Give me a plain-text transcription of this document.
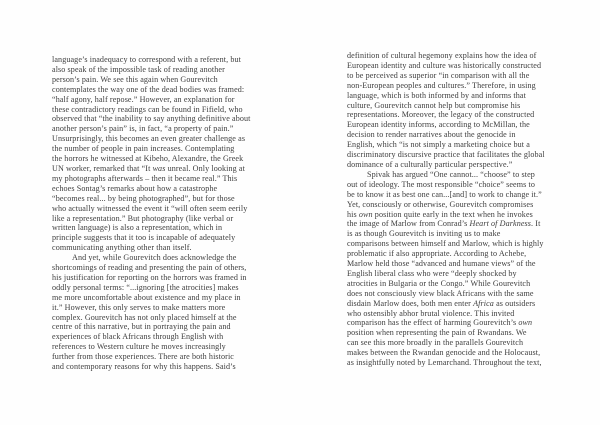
language’s inadequacy to correspond with a referent, but
also speak of the impossible task of reading another
person’s pain. We see this again when Gourevitch
contemplates the way one of the dead bodies was framed:
“half agony, half repose.” However, an explanation for
these contradictory readings can be found in Fifield, who
observed that “the inability to say anything definitive about
another person’s pain” is, in fact, “a property of pain.”
Unsurprisingly, this becomes an even greater challenge as
the number of people in pain increases. Contemplating
the horrors he witnessed at Kibeho, Alexandre, the Greek
UN worker, remarked that “It was unreal. Only looking at
my photographs afterwards – then it became real.” This
echoes Sontag’s remarks about how a catastrophe
“becomes real... by being photographed”, but for those
who actually witnessed the event it “will often seem eerily
like a representation.” But photography (like verbal or
written language) is also a representation, which in
principle suggests that it too is incapable of adequately
communicating anything other than itself.
And yet, while Gourevitch does acknowledge the
shortcomings of reading and presenting the pain of others,
his justification for reporting on the horrors was framed in
oddly personal terms: “...ignoring [the atrocities] makes
me more uncomfortable about existence and my place in
it.” However, this only serves to make matters more
complex. Gourevitch has not only placed himself at the
centre of this narrative, but in portraying the pain and
experiences of black Africans through English with
references to Western culture he moves increasingly
further from those experiences. There are both historic
and contemporary reasons for why this happens. Said’s
definition of cultural hegemony explains how the idea of
European identity and culture was historically constructed
to be perceived as superior “in comparison with all the
non-European peoples and cultures.” Therefore, in using
language, which is both informed by and informs that
culture, Gourevitch cannot help but compromise his
representations. Moreover, the legacy of the constructed
European identity informs, according to McMillan, the
decision to render narratives about the genocide in
English, which “is not simply a marketing choice but a
discriminatory discursive practice that facilitates the global
dominance of a culturally particular perspective.”
Spivak has argued “One cannot... “choose” to step
out of ideology. The most responsible “choice” seems to
be to know it as best one can...[and] to work to change it.”
Yet, consciously or otherwise, Gourevitch compromises
his own position quite early in the text when he invokes
the image of Marlow from Conrad’s Heart of Darkness. It
is as though Gourevitch is inviting us to make
comparisons between himself and Marlow, which is highly
problematic if also appropriate. According to Achebe,
Marlow held those “advanced and humane views” of the
English liberal class who were “deeply shocked by
atrocities in Bulgaria or the Congo.” While Gourevitch
does not consciously view black Africans with the same
disdain Marlow does, both men enter Africa as outsiders
who ostensibly abhor brutal violence. This invited
comparison has the effect of harming Gourevitch’s own
position when representing the pain of Rwandans. We
can see this more broadly in the parallels Gourevitch
makes between the Rwandan genocide and the Holocaust,
as insightfully noted by Lemarchand. Throughout the text,
